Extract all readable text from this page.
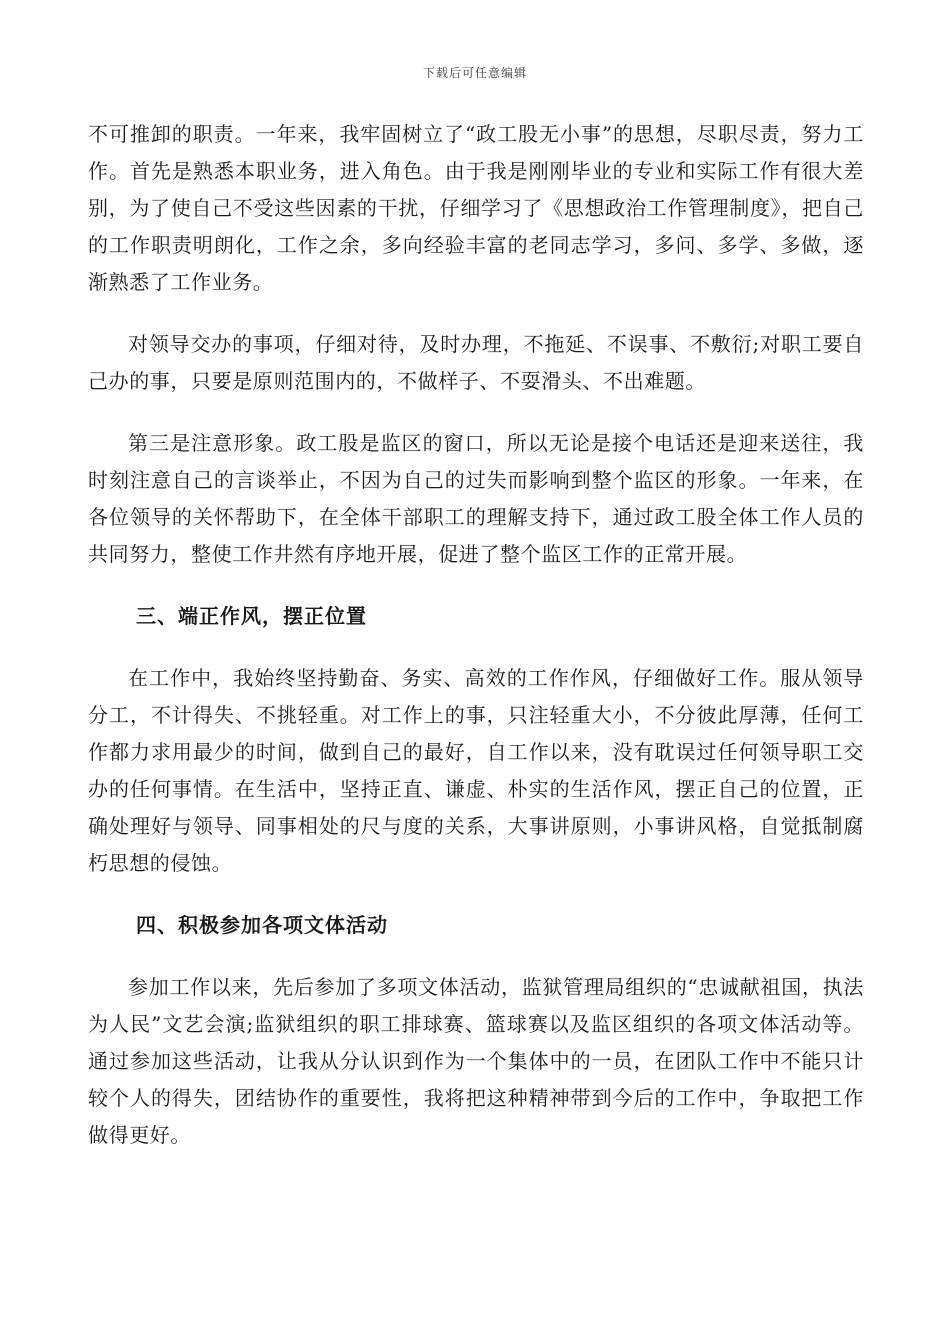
下载后可任意编辑

不可推卸的职责。一年来，我牢固树立了“政工股无小事”的思想，尽职尽责，努力工作。首先是熟悉本职业务，进入角色。由于我是刚刚毕业的专业和实际工作有很大差别，为了使自己不受这些因素的干扰，仔细学习了《思想政治工作管理制度》，把自己的工作职责明朗化，工作之余，多向经验丰富的老同志学习，多问、多学、多做，逐渐熟悉了工作业务。

对领导交办的事项，仔细对待，及时办理，不拖延、不误事、不敷衍;对职工要自己办的事，只要是原则范围内的，不做样子、不耍滑头、不出难题。

第三是注意形象。政工股是监区的窗口，所以无论是接个电话还是迎来送往，我时刻注意自己的言谈举止，不因为自己的过失而影响到整个监区的形象。一年来，在各位领导的关怀帮助下，在全体干部职工的理解支持下，通过政工股全体工作人员的共同努力，整使工作井然有序地开展，促进了整个监区工作的正常开展。

三、端正作风，摆正位置

在工作中，我始终坚持勤奋、务实、高效的工作作风，仔细做好工作。服从领导分工，不计得失、不挑轻重。对工作上的事，只注轻重大小，不分彼此厚薄，任何工作都力求用最少的时间，做到自己的最好，自工作以来，没有耽误过任何领导职工交办的任何事情。在生活中，坚持正直、谦虚、朴实的生活作风，摆正自己的位置，正确处理好与领导、同事相处的尺与度的关系，大事讲原则，小事讲风格，自觉抵制腐朽思想的侵蚀。

四、积极参加各项文体活动

参加工作以来，先后参加了多项文体活动，监狱管理局组织的“忠诚献祖国，执法为人民”文艺会演;监狱组织的职工排球赛、篮球赛以及监区组织的各项文体活动等。通过参加这些活动，让我从分认识到作为一个集体中的一员，在团队工作中不能只计较个人的得失，团结协作的重要性，我将把这种精神带到今后的工作中，争取把工作做得更好。
